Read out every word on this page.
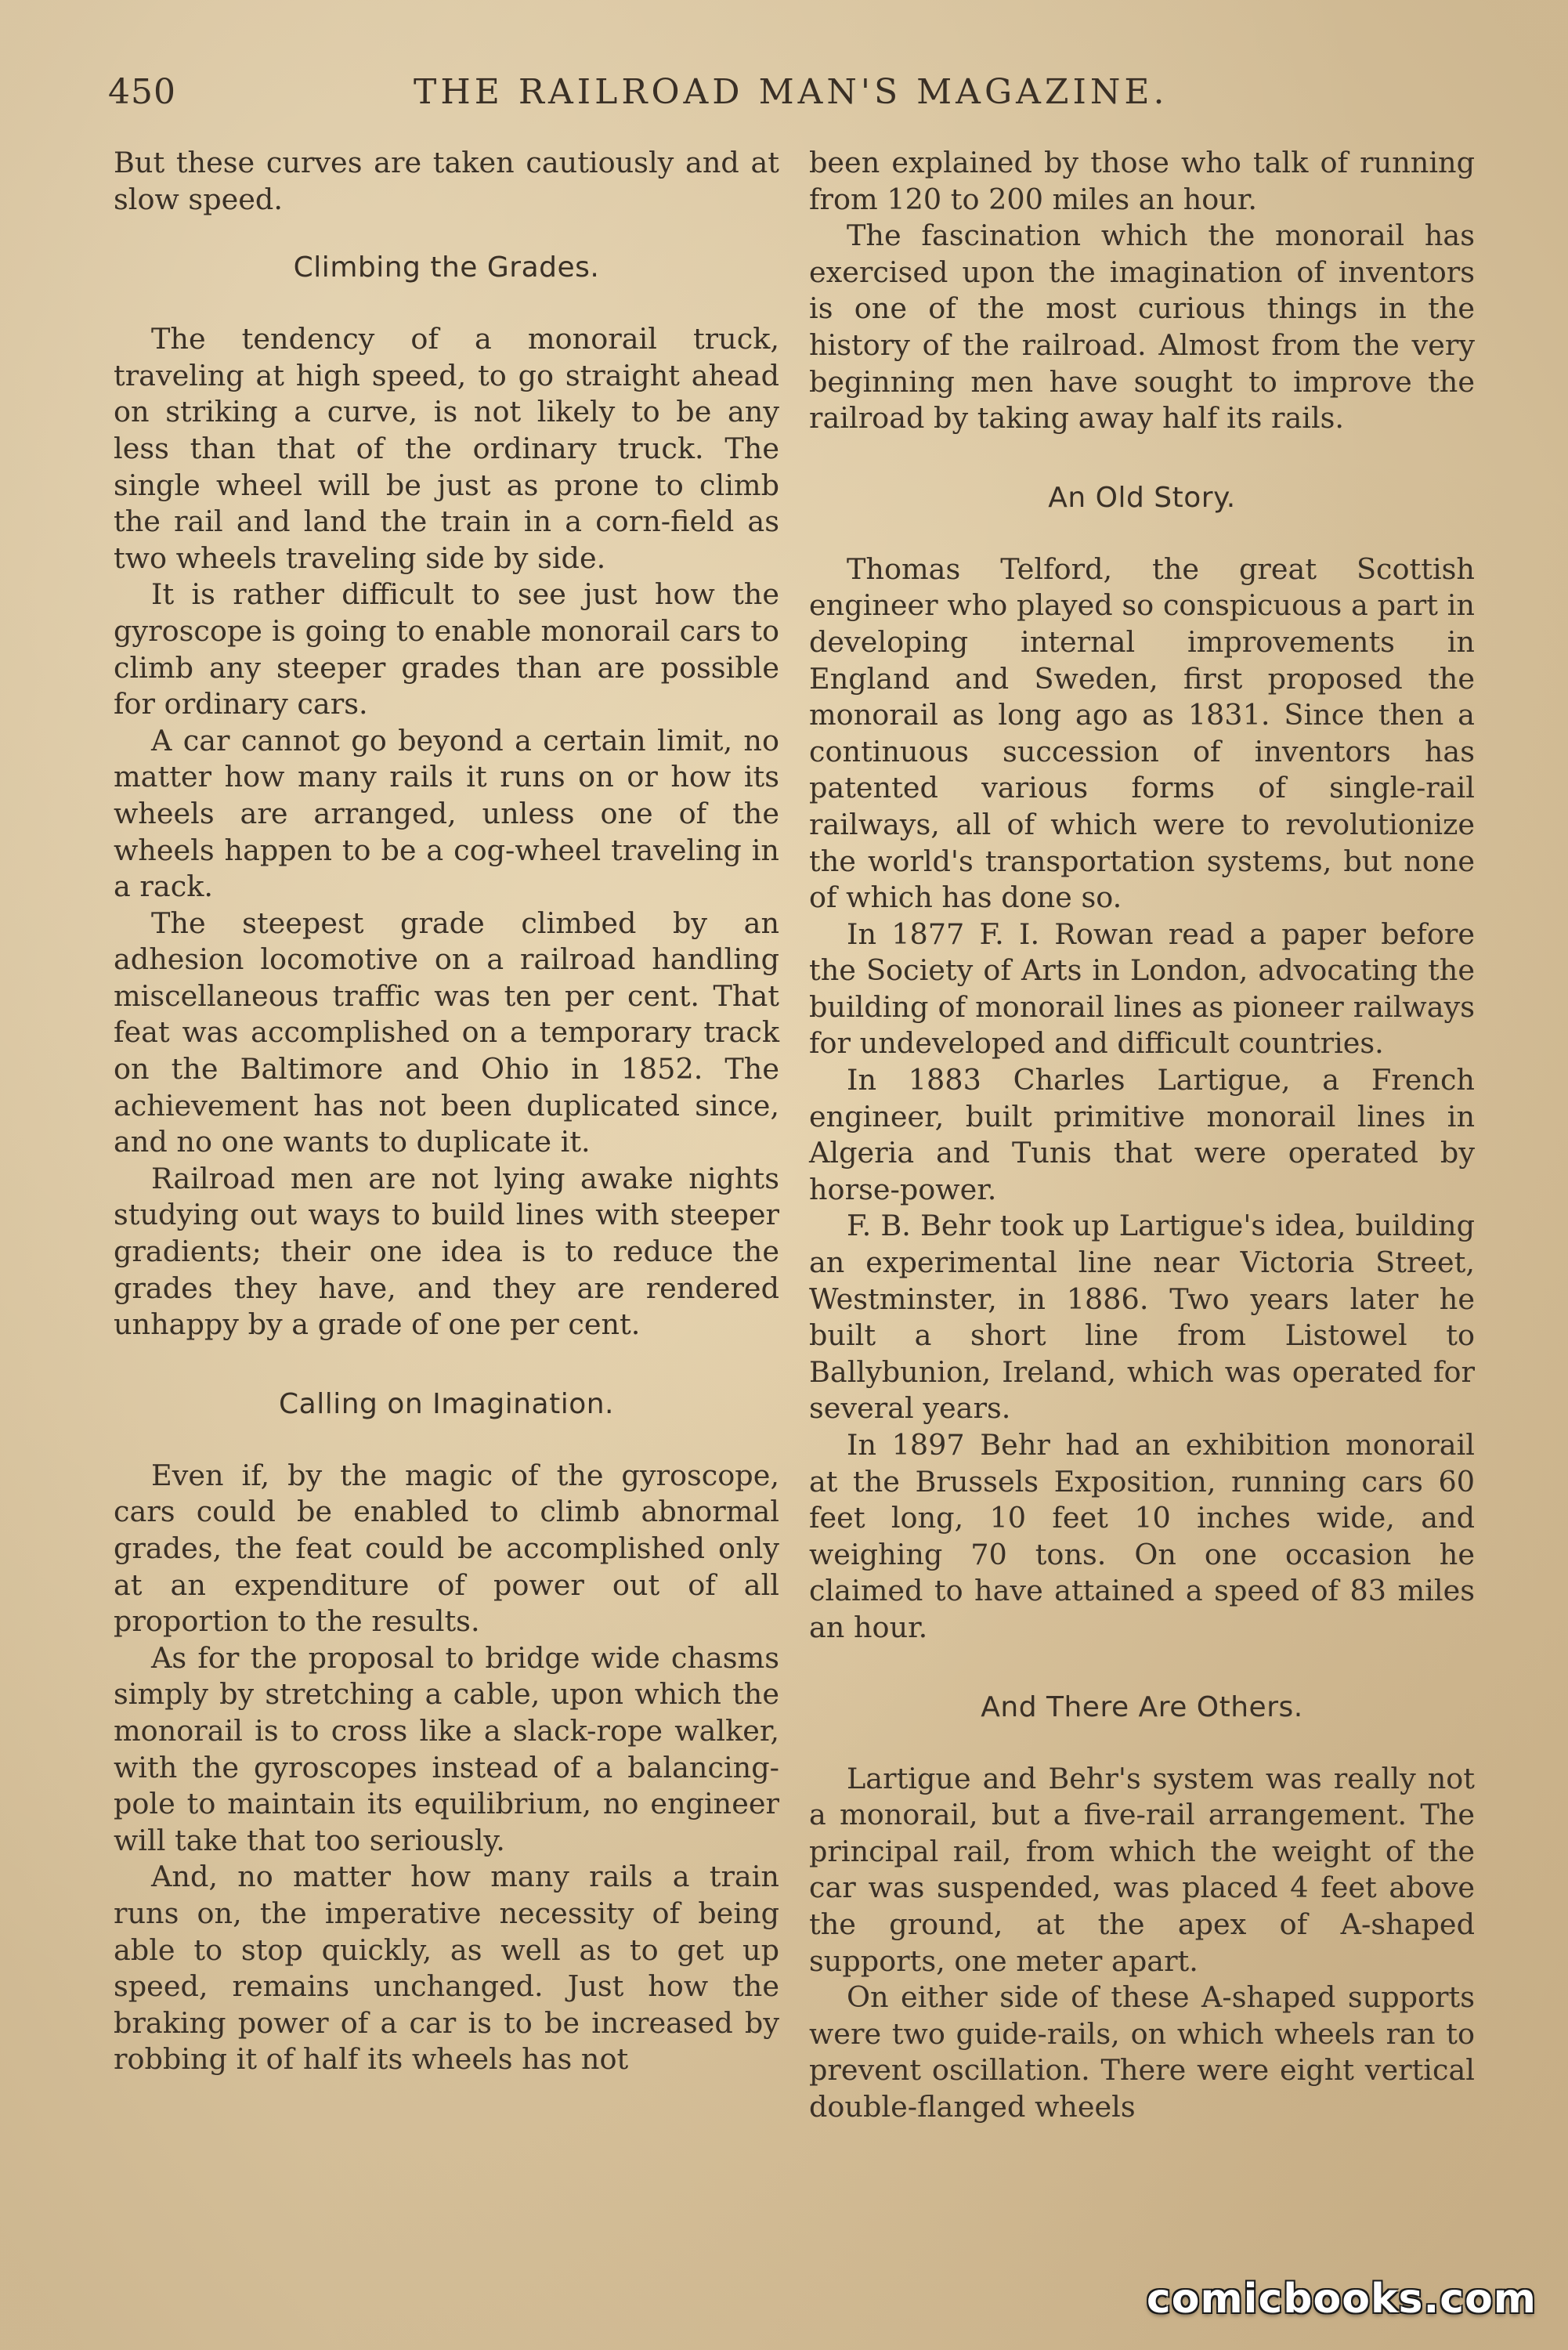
450	THE RAILROAD MAN'S MAGAZINE.

But these curves are taken cautiously and at slow speed.

Climbing the Grades.

The tendency of a monorail truck, traveling at high speed, to go straight ahead on striking a curve, is not likely to be any less than that of the ordinary truck. The single wheel will be just as prone to climb the rail and land the train in a corn-field as two wheels traveling side by side.

It is rather difficult to see just how the gyroscope is going to enable monorail cars to climb any steeper grades than are possible for ordinary cars.

A car cannot go beyond a certain limit, no matter how many rails it runs on or how its wheels are arranged, unless one of the wheels happen to be a cog-wheel traveling in a rack.

The steepest grade climbed by an adhesion locomotive on a railroad handling miscellaneous traffic was ten per cent. That feat was accomplished on a temporary track on the Baltimore and Ohio in 1852. The achievement has not been duplicated since, and no one wants to duplicate it.

Railroad men are not lying awake nights studying out ways to build lines with steeper gradients; their one idea is to reduce the grades they have, and they are rendered unhappy by a grade of one per cent.

Calling on Imagination.

Even if, by the magic of the gyroscope, cars could be enabled to climb abnormal grades, the feat could be accomplished only at an expenditure of power out of all proportion to the results.

As for the proposal to bridge wide chasms simply by stretching a cable, upon which the monorail is to cross like a slack-rope walker, with the gyroscopes instead of a balancing-pole to maintain its equilibrium, no engineer will take that too seriously.

And, no matter how many rails a train runs on, the imperative necessity of being able to stop quickly, as well as to get up speed, remains unchanged. Just how the braking power of a car is to be increased by robbing it of half its wheels has not

been explained by those who talk of running from 120 to 200 miles an hour.

The fascination which the monorail has exercised upon the imagination of inventors is one of the most curious things in the history of the railroad. Almost from the very beginning men have sought to improve the railroad by taking away half its rails.

An Old Story.

Thomas Telford, the great Scottish engineer who played so conspicuous a part in developing internal improvements in England and Sweden, first proposed the monorail as long ago as 1831. Since then a continuous succession of inventors has patented various forms of single-rail railways, all of which were to revolutionize the world's transportation systems, but none of which has done so.

In 1877 F. I. Rowan read a paper before the Society of Arts in London, advocating the building of monorail lines as pioneer railways for undeveloped and difficult countries.

In 1883 Charles Lartigue, a French engineer, built primitive monorail lines in Algeria and Tunis that were operated by horse-power.

F. B. Behr took up Lartigue's idea, building an experimental line near Victoria Street, Westminster, in 1886. Two years later he built a short line from Listowel to Ballybunion, Ireland, which was operated for several years.

In 1897 Behr had an exhibition monorail at the Brussels Exposition, running cars 60 feet long, 10 feet 10 inches wide, and weighing 70 tons. On one occasion he claimed to have attained a speed of 83 miles an hour.

And There Are Others.

Lartigue and Behr's system was really not a monorail, but a five-rail arrangement. The principal rail, from which the weight of the car was suspended, was placed 4 feet above the ground, at the apex of A-shaped supports, one meter apart.

On either side of these A-shaped supports were two guide-rails, on which wheels ran to prevent oscillation. There were eight vertical double-flanged wheels

comicbooks.com
